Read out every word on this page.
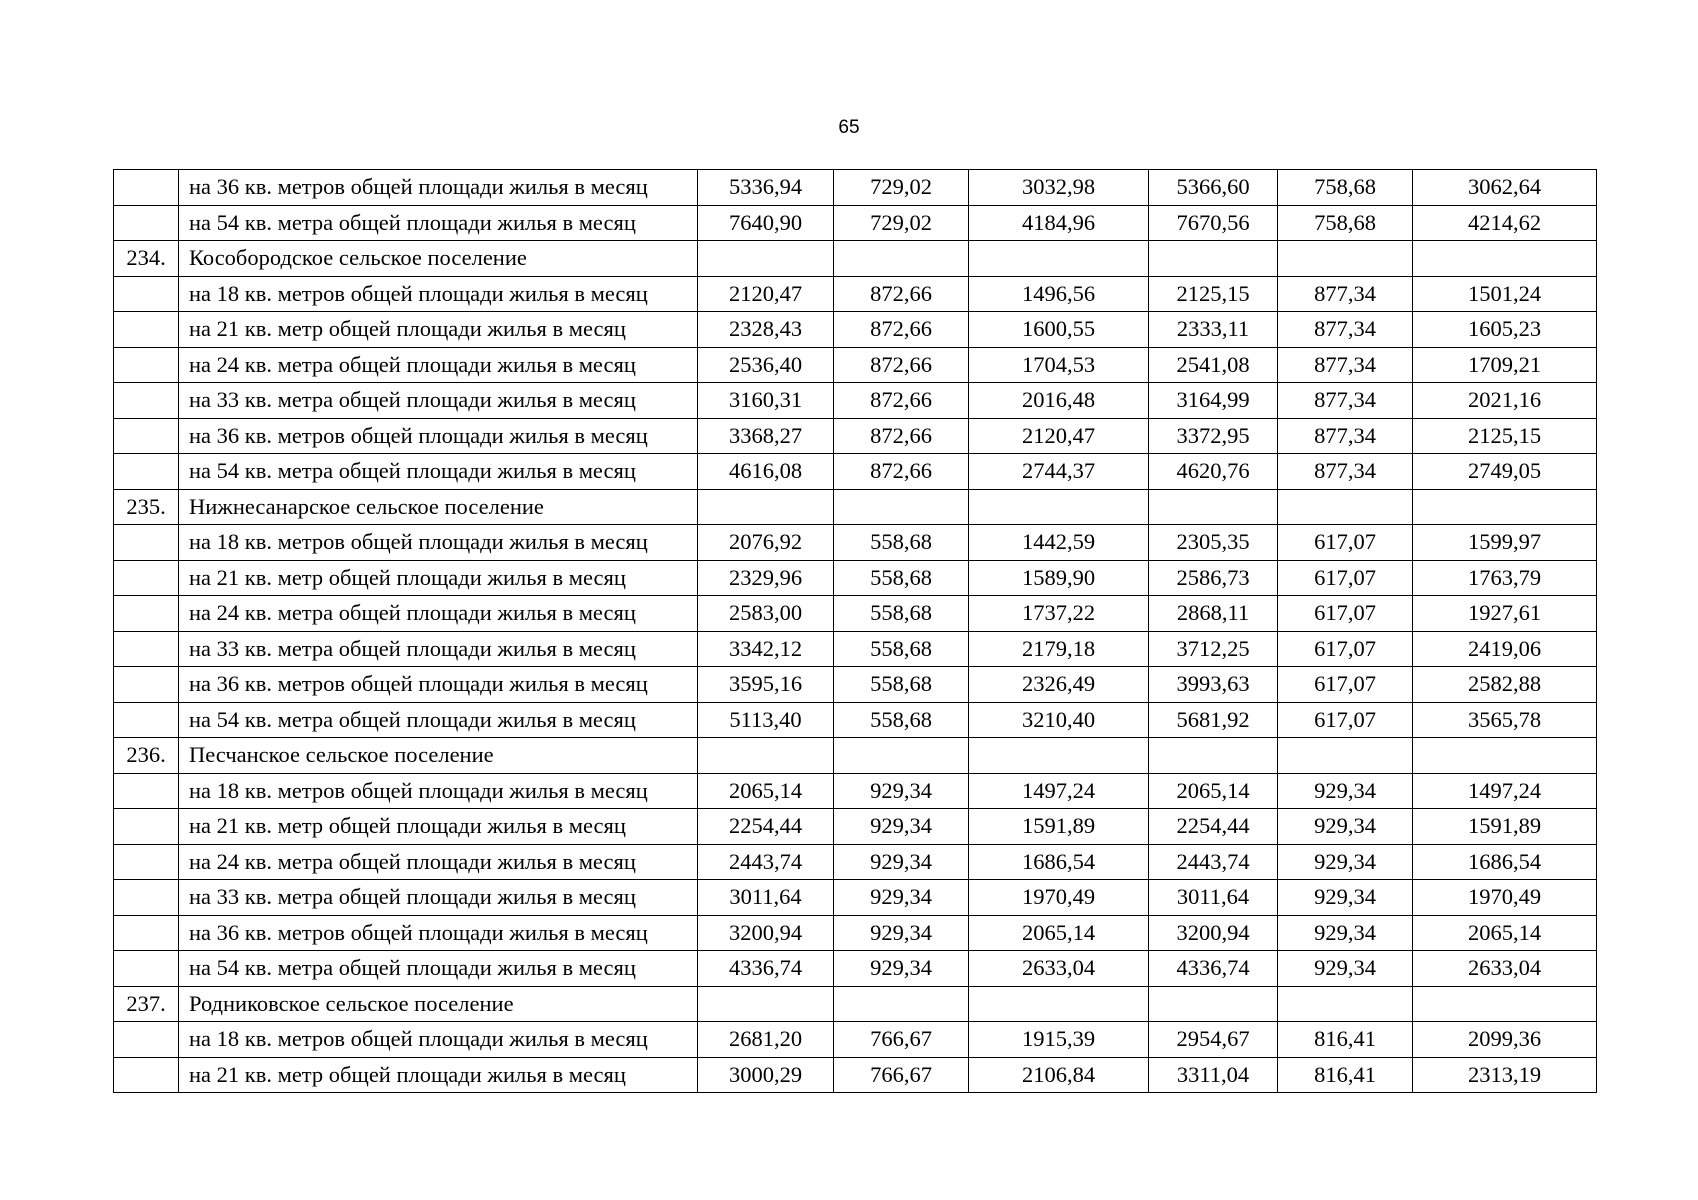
65
	на 36 кв. метров общей площади жилья в месяц	5336,94	729,02	3032,98	5366,60	758,68	3062,64
	на 54 кв. метра общей площади жилья в месяц	7640,90	729,02	4184,96	7670,56	758,68	4214,62
234.	Кособородское сельское поселение						
	на 18 кв. метров общей площади жилья в месяц	2120,47	872,66	1496,56	2125,15	877,34	1501,24
	на 21 кв. метр общей площади жилья в месяц	2328,43	872,66	1600,55	2333,11	877,34	1605,23
	на 24 кв. метра общей площади жилья в месяц	2536,40	872,66	1704,53	2541,08	877,34	1709,21
	на 33 кв. метра общей площади жилья в месяц	3160,31	872,66	2016,48	3164,99	877,34	2021,16
	на 36 кв. метров общей площади жилья в месяц	3368,27	872,66	2120,47	3372,95	877,34	2125,15
	на 54 кв. метра общей площади жилья в месяц	4616,08	872,66	2744,37	4620,76	877,34	2749,05
235.	Нижнесанарское сельское поселение						
	на 18 кв. метров общей площади жилья в месяц	2076,92	558,68	1442,59	2305,35	617,07	1599,97
	на 21 кв. метр общей площади жилья в месяц	2329,96	558,68	1589,90	2586,73	617,07	1763,79
	на 24 кв. метра общей площади жилья в месяц	2583,00	558,68	1737,22	2868,11	617,07	1927,61
	на 33 кв. метра общей площади жилья в месяц	3342,12	558,68	2179,18	3712,25	617,07	2419,06
	на 36 кв. метров общей площади жилья в месяц	3595,16	558,68	2326,49	3993,63	617,07	2582,88
	на 54 кв. метра общей площади жилья в месяц	5113,40	558,68	3210,40	5681,92	617,07	3565,78
236.	Песчанское сельское поселение						
	на 18 кв. метров общей площади жилья в месяц	2065,14	929,34	1497,24	2065,14	929,34	1497,24
	на 21 кв. метр общей площади жилья в месяц	2254,44	929,34	1591,89	2254,44	929,34	1591,89
	на 24 кв. метра общей площади жилья в месяц	2443,74	929,34	1686,54	2443,74	929,34	1686,54
	на 33 кв. метра общей площади жилья в месяц	3011,64	929,34	1970,49	3011,64	929,34	1970,49
	на 36 кв. метров общей площади жилья в месяц	3200,94	929,34	2065,14	3200,94	929,34	2065,14
	на 54 кв. метра общей площади жилья в месяц	4336,74	929,34	2633,04	4336,74	929,34	2633,04
237.	Родниковское сельское поселение						
	на 18 кв. метров общей площади жилья в месяц	2681,20	766,67	1915,39	2954,67	816,41	2099,36
	на 21 кв. метр общей площади жилья в месяц	3000,29	766,67	2106,84	3311,04	816,41	2313,19
